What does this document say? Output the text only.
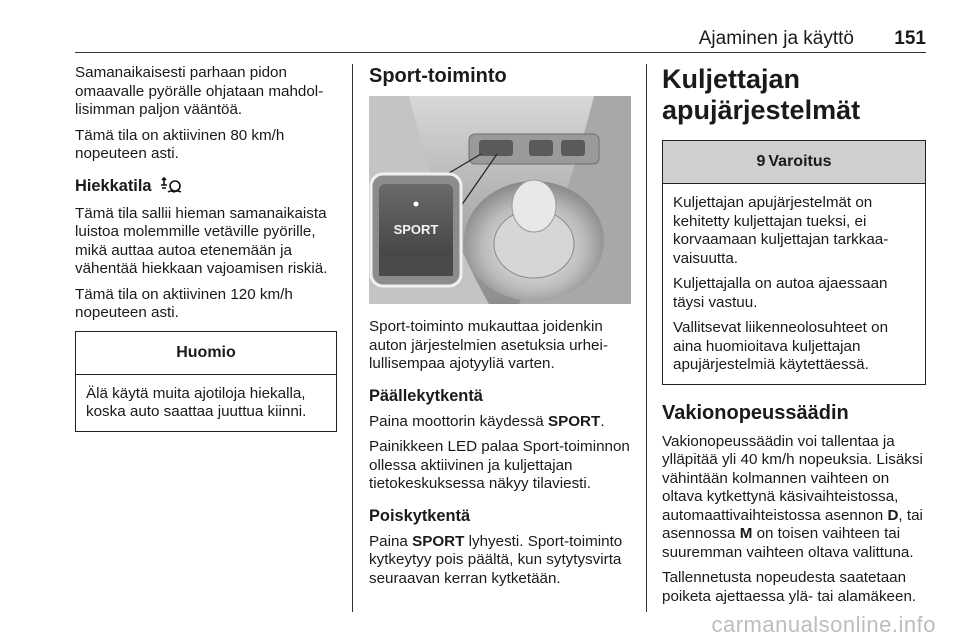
Ajaminen ja käyttö 151

Samanaikaisesti parhaan pidon omaavalle pyörälle ohjataan mahdollisimman paljon vääntöä.

Tämä tila on aktiivinen 80 km/h nopeuteen asti.

Hiekkatila

Tämä tila sallii hieman samanaikaista luistoa molemmille vetäville pyörille, mikä auttaa autoa etenemään ja vähentää hiekkaan vajoamisen riskiä.

Tämä tila on aktiivinen 120 km/h nopeuteen asti.

Huomio

Älä käytä muita ajotiloja hiekalla, koska auto saattaa juuttua kiinni.

Sport-toiminto
SPORT

Sport-toiminto mukauttaa joidenkin auton järjestelmien asetuksia urheilullisempaa ajotyyliä varten.

Päällekytkentä

Paina moottorin käydessä SPORT.

Painikkeen LED palaa Sport-toiminnon ollessa aktiivinen ja kuljettajan tietokeskuksessa näkyy tilaviesti.

Poiskytkentä

Paina SPORT lyhyesti. Sport-toiminto kytkeytyy pois päältä, kun sytytysvirta seuraavan kerran kytketään.

Kuljettajan apujärjestelmät
9 Varoitus

Kuljettajan apujärjestelmät on kehitetty kuljettajan tueksi, ei korvaamaan kuljettajan tarkkaavaisuutta.

Kuljettajalla on autoa ajaessaan täysi vastuu.

Vallitsevat liikenneolosuhteet on aina huomioitava kuljettajan apujärjestelmiä käytettäessä.

Vakionopeussäädin

Vakionopeussäädin voi tallentaa ja ylläpitää yli 40 km/h nopeuksia. Lisäksi vähintään kolmannen vaihteen on oltava kytkettynä käsivaihteistossa, automaattivaihteistossa asennon D, tai asennossa M on toisen vaihteen tai suuremman vaihteen oltava valittuna.

Tallennetusta nopeudesta saatetaan poiketa ajettaessa ylä- tai alamäkeen.

carmanualsonline.info
